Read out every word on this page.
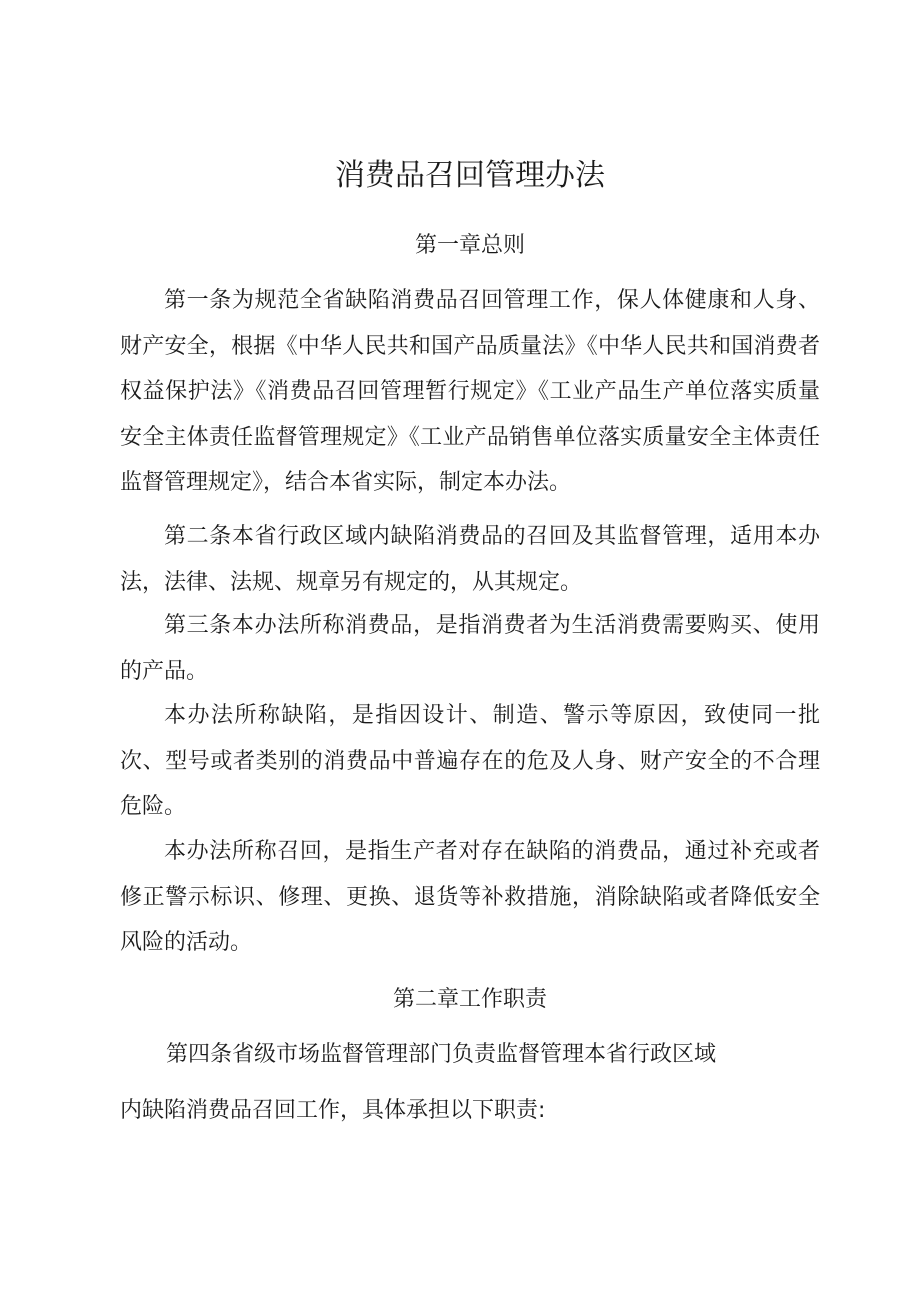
消费品召回管理办法
第一章总则

第一条为规范全省缺陷消费品召回管理工作，保人体健康和人身、财产安全，根据《中华人民共和国产品质量法》《中华人民共和国消费者权益保护法》《消费品召回管理暂行规定》《工业产品生产单位落实质量安全主体责任监督管理规定》《工业产品销售单位落实质量安全主体责任监督管理规定》，结合本省实际，制定本办法。

第二条本省行政区域内缺陷消费品的召回及其监督管理，适用本办法，法律、法规、规章另有规定的，从其规定。

第三条本办法所称消费品，是指消费者为生活消费需要购买、使用的产品。

本办法所称缺陷，是指因设计、制造、警示等原因，致使同一批次、型号或者类别的消费品中普遍存在的危及人身、财产安全的不合理危险。

本办法所称召回，是指生产者对存在缺陷的消费品，通过补充或者修正警示标识、修理、更换、退货等补救措施，消除缺陷或者降低安全风险的活动。

第二章工作职责

第四条省级市场监督管理部门负责监督管理本省行政区域

内缺陷消费品召回工作，具体承担以下职责:
